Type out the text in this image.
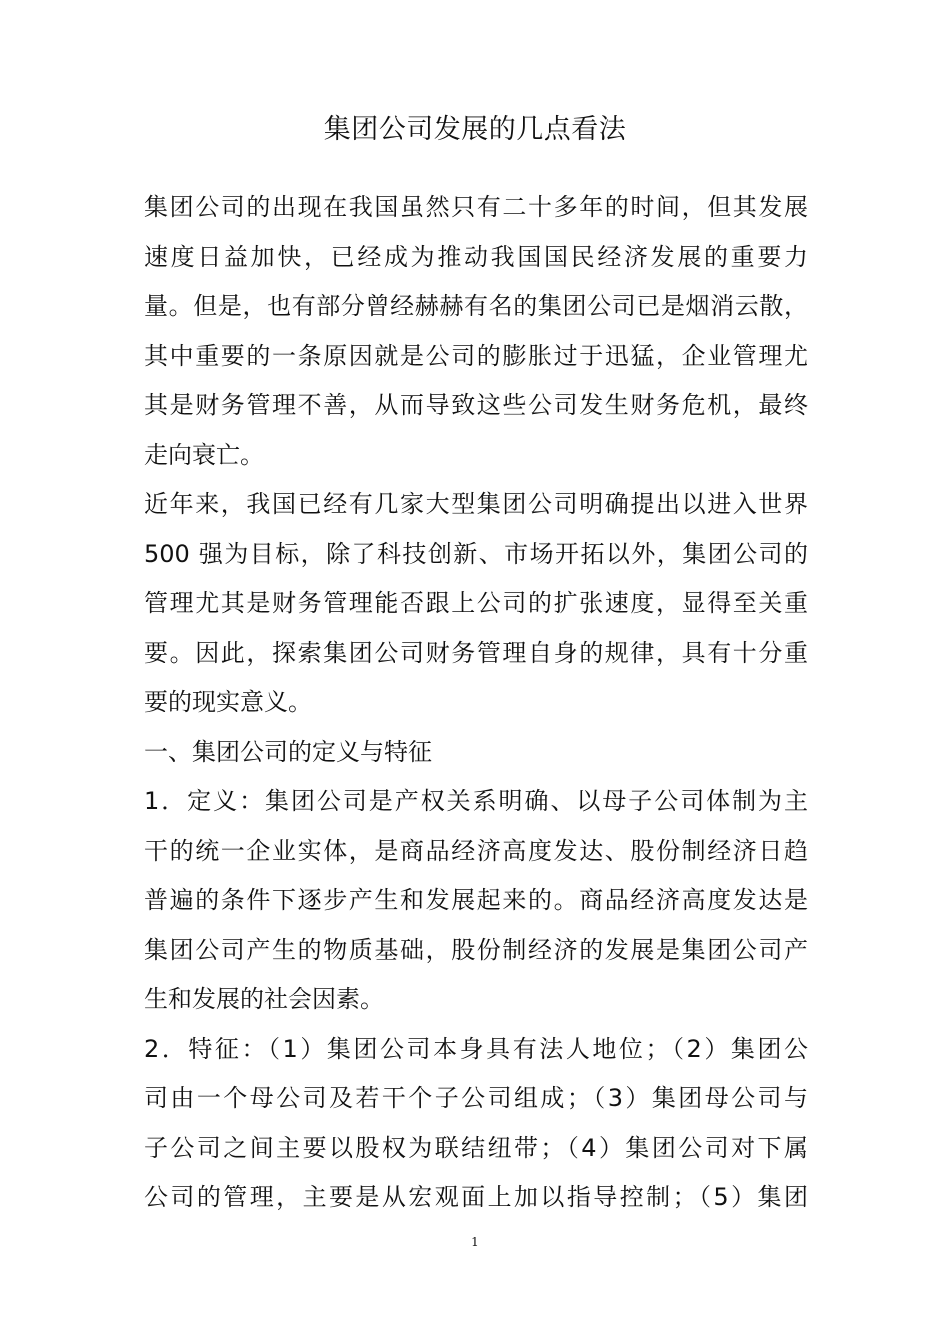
集团公司发展的几点看法
集团公司的出现在我国虽然只有二十多年的时间，但其发展
速度日益加快，已经成为推动我国国民经济发展的重要力
量。但是，也有部分曾经赫赫有名的集团公司已是烟消云散，
其中重要的一条原因就是公司的膨胀过于迅猛，企业管理尤
其是财务管理不善，从而导致这些公司发生财务危机，最终
走向衰亡。
近年来，我国已经有几家大型集团公司明确提出以进入世界
500 强为目标，除了科技创新、市场开拓以外，集团公司的
管理尤其是财务管理能否跟上公司的扩张速度，显得至关重
要。因此，探索集团公司财务管理自身的规律，具有十分重
要的现实意义。
一、集团公司的定义与特征
1．定义：集团公司是产权关系明确、以母子公司体制为主
干的统一企业实体，是商品经济高度发达、股份制经济日趋
普遍的条件下逐步产生和发展起来的。商品经济高度发达是
集团公司产生的物质基础，股份制经济的发展是集团公司产
生和发展的社会因素。
2．特征：（1）集团公司本身具有法人地位；（2）集团公
司由一个母公司及若干个子公司组成；（3）集团母公司与
子公司之间主要以股权为联结纽带；（4）集团公司对下属
公司的管理，主要是从宏观面上加以指导控制；（5）集团
1
